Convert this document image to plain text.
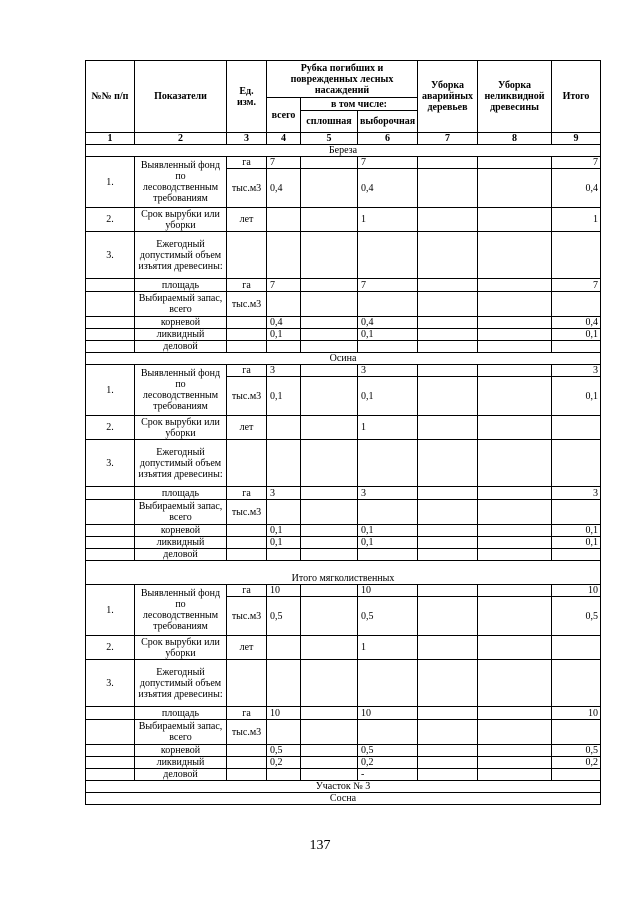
№№ п/п	Показатели	Ед. изм.	Рубка погибших и поврежденных лесных насаждений			Уборка аварийных деревьев	Уборка неликвидной древесины	Итого
			всего	в том числе:				
				сплошная	выборочная			
1	2	3	4	5	6	7	8	9
Береза								
1.	Выявленный фонд по лесоводственным требованиям	га	7		7			7
		тыс.м3	0,4		0,4			0,4
2.	Срок вырубки или уборки	лет			1			1
3.	Ежегодный допустимый объем изъятия древесины:							
	площадь	га	7		7			7
	Выбираемый запас, всего	тыс.м3						
	корневой		0,4		0,4			0,4
	ликвидный		0,1		0,1			0,1
	деловой							
Осина								
1.	Выявленный фонд по лесоводственным требованиям	га	3		3			3
		тыс.м3	0,1		0,1			0,1
2.	Срок вырубки или уборки	лет			1			
3.	Ежегодный допустимый объем изъятия древесины:							
	площадь	га	3		3			3
	Выбираемый запас, всего	тыс.м3						
	корневой		0,1		0,1			0,1
	ликвидный		0,1		0,1			0,1
	деловой							
Итого мягколиственных								
1.	Выявленный фонд по лесоводственным требованиям	га	10		10			10
		тыс.м3	0,5		0,5			0,5
2.	Срок вырубки или уборки	лет			1			
3.	Ежегодный допустимый объем изъятия древесины:							
	площадь	га	10		10			10
	Выбираемый запас, всего	тыс.м3						
	корневой		0,5		0,5			0,5
	ликвидный		0,2		0,2			0,2
	деловой				-			
Участок № 3								
Сосна								
137
